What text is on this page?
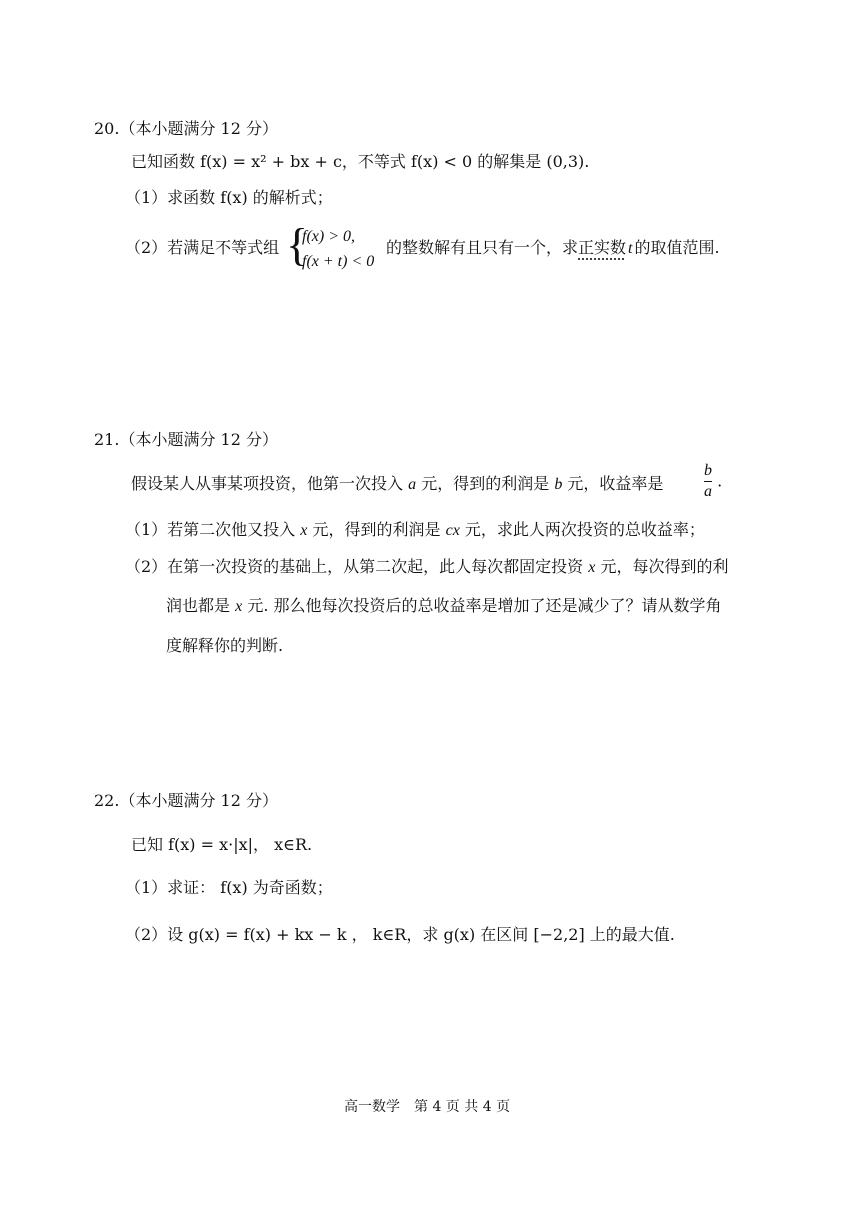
20.（本小题满分 12 分）
已知函数 f(x) = x² + bx + c，不等式 f(x) < 0 的解集是 (0,3).
（1）求函数 f(x) 的解析式；
（2）若满足不等式组 {
f(x) > 0,
f(x + t) < 0
的整数解有且只有一个，求正实数 t 的取值范围.
21.（本小题满分 12 分）
假设某人从事某项投资，他第一次投入 a 元，得到的利润是 b 元，收益率是	$\frac{b}{a}$ .
（1）若第二次他又投入 x 元，得到的利润是 cx 元，求此人两次投资的总收益率；
（2）在第一次投资的基础上，从第二次起，此人每次都固定投资 x 元，每次得到的利
润也都是 x 元. 那么他每次投资后的总收益率是增加了还是减少了？请从数学角
度解释你的判断.
22.（本小题满分 12 分）
已知 f(x) = x·|x|， x∈R.
（1）求证： f(x) 为奇函数；
（2）设 g(x) = f(x) + kx − k ， k∈R，求 g(x) 在区间 [−2,2] 上的最大值.
高一数学　第 4 页 共 4 页
